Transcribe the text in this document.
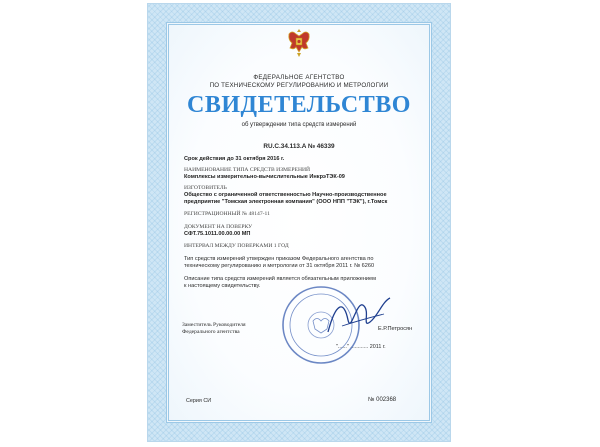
ФЕДЕРАЛЬНОЕ АГЕНТСТВО
ПО ТЕХНИЧЕСКОМУ РЕГУЛИРОВАНИЮ И МЕТРОЛОГИИ
СВИДЕТЕЛЬСТВО
об утверждении типа средств измерений
RU.C.34.113.A № 46339
Срок действия до 31 октября 2016 г.
НАИМЕНОВАНИЕ ТИПА СРЕДСТВ ИЗМЕРЕНИЙ
Комплексы измерительно-вычислительные ИнкрэТЭК-09
ИЗГОТОВИТЕЛЬ
Общество с ограниченной ответственностью Научно-производственное
предприятие "Томская электронная компания" (ООО НПП "ТЭК"), г.Томск
РЕГИСТРАЦИОННЫЙ № 48147-11
ДОКУМЕНТ НА ПОВЕРКУ
СФТ.75.1011.00.00.00 МП
ИНТЕРВАЛ МЕЖДУ ПОВЕРКАМИ 1 ГОД
Тип средств измерений утвержден приказом Федерального агентства по
техническому регулированию и метрологии от 31 октября 2011 г. № 6260
Описание типа средств измерений является обязательным приложением
к настоящему свидетельству.
Заместитель Руководителя
Федерального агентства	Е.Р.Петросян
"......" ............ 2011 г.
Серия СИ	№ 002368
